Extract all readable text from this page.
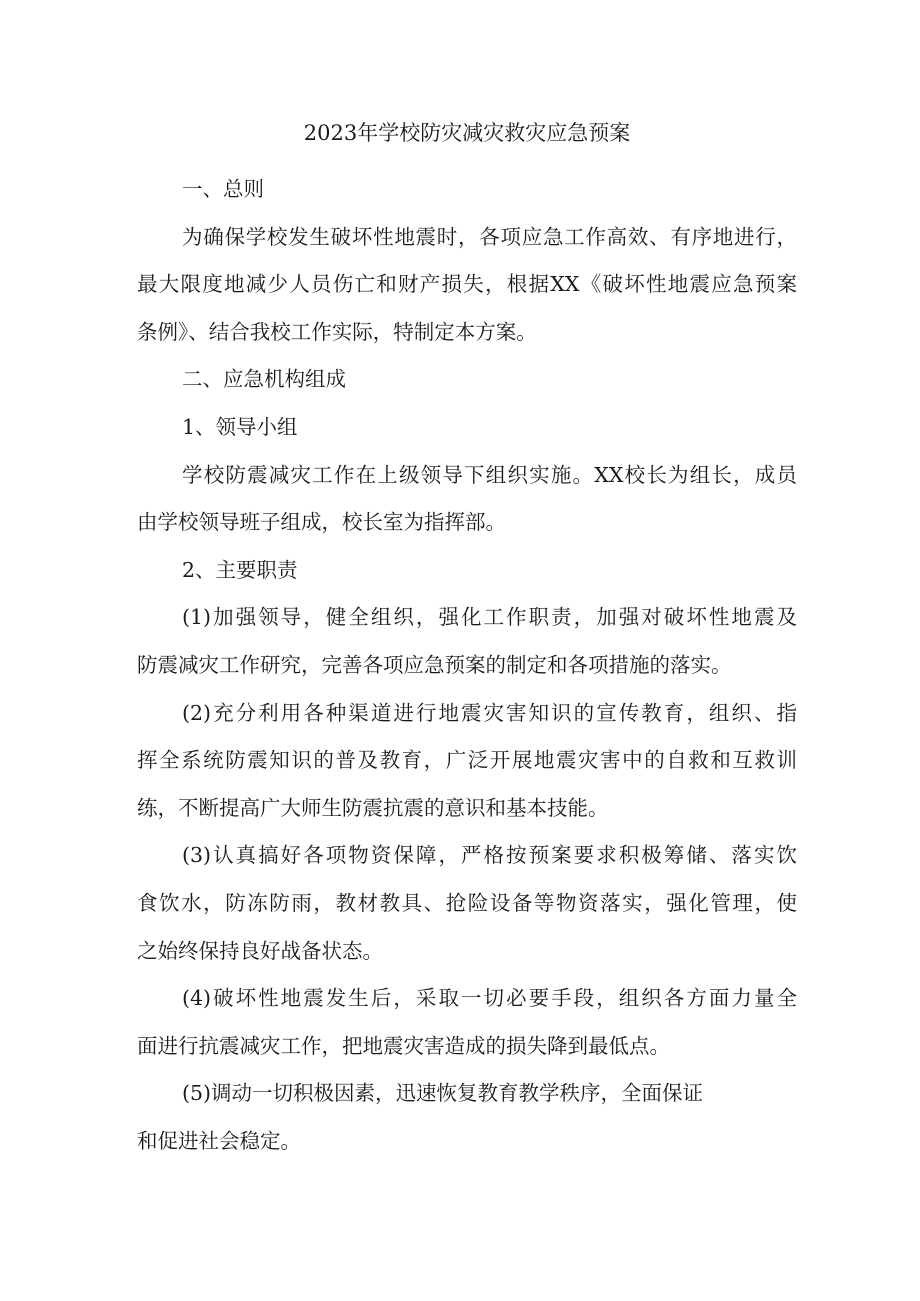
2023年学校防灾减灾救灾应急预案
一、总则
为确保学校发生破坏性地震时，各项应急工作高效、有序地进行，
最大限度地减少人员伤亡和财产损失，根据XX《破坏性地震应急预案
条例》、结合我校工作实际，特制定本方案。
二、应急机构组成
1、领导小组
学校防震减灾工作在上级领导下组织实施。XX校长为组长，成员
由学校领导班子组成，校长室为指挥部。
2、主要职责
(1)加强领导，健全组织，强化工作职责，加强对破坏性地震及
防震减灾工作研究，完善各项应急预案的制定和各项措施的落实。
(2)充分利用各种渠道进行地震灾害知识的宣传教育，组织、指
挥全系统防震知识的普及教育，广泛开展地震灾害中的自救和互救训
练，不断提高广大师生防震抗震的意识和基本技能。
(3)认真搞好各项物资保障，严格按预案要求积极筹储、落实饮
食饮水，防冻防雨，教材教具、抢险设备等物资落实，强化管理，使
之始终保持良好战备状态。
(4)破坏性地震发生后，采取一切必要手段，组织各方面力量全
面进行抗震减灾工作，把地震灾害造成的损失降到最低点。
(5)调动一切积极因素，迅速恢复教育教学秩序，全面保证
和促进社会稳定。
